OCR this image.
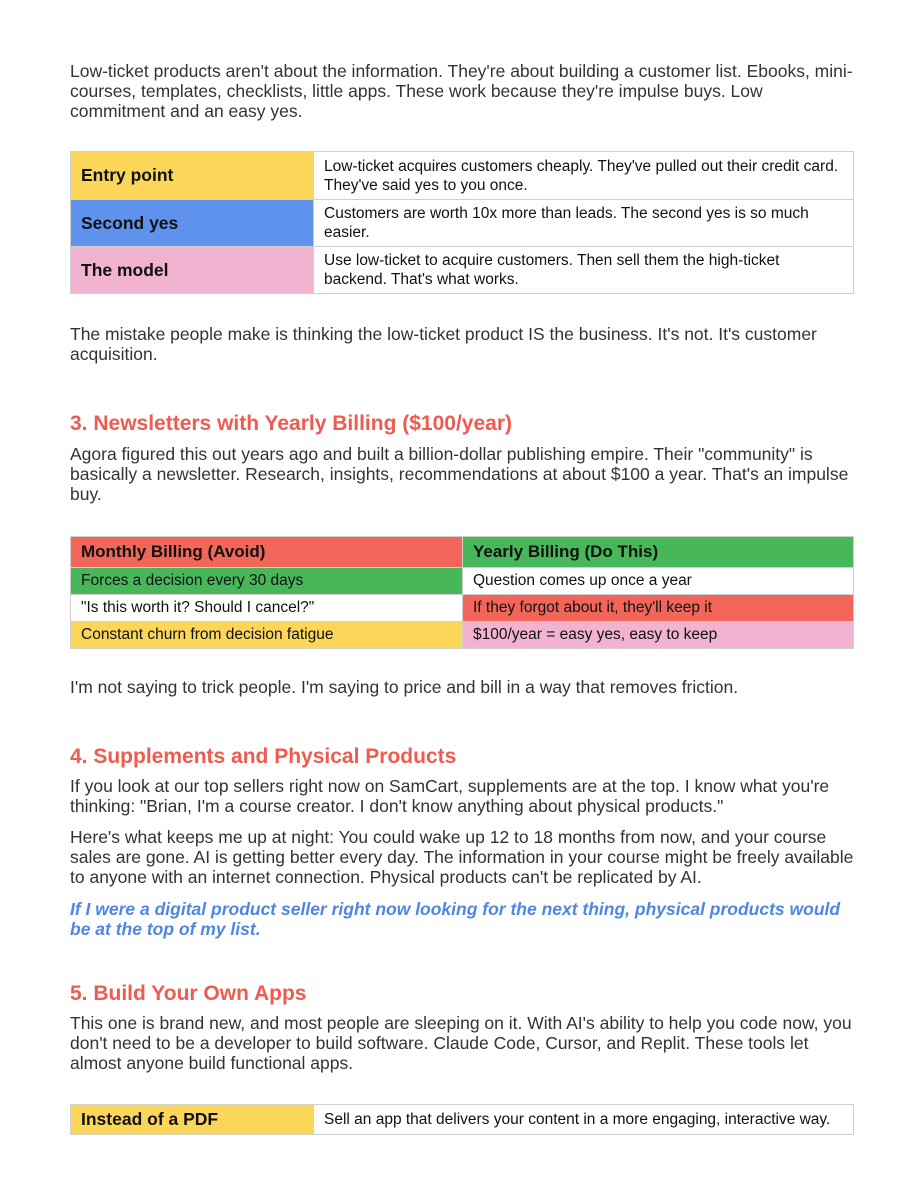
Low-ticket products aren't about the information. They're about building a customer list. Ebooks, mini-courses, templates, checklists, little apps. These work because they're impulse buys. Low commitment and an easy yes.

Entry point	Low-ticket acquires customers cheaply. They've pulled out their credit card. They've said yes to you once.
Second yes	Customers are worth 10x more than leads. The second yes is so much easier.
The model	Use low-ticket to acquire customers. Then sell them the high-ticket backend. That's what works.

The mistake people make is thinking the low-ticket product IS the business. It's not. It's customer acquisition.

3. Newsletters with Yearly Billing ($100/year)

Agora figured this out years ago and built a billion-dollar publishing empire. Their "community" is basically a newsletter. Research, insights, recommendations at about $100 a year. That's an impulse buy.

Monthly Billing (Avoid)	Yearly Billing (Do This)
Forces a decision every 30 days	Question comes up once a year
"Is this worth it? Should I cancel?"	If they forgot about it, they'll keep it
Constant churn from decision fatigue	$100/year = easy yes, easy to keep

I'm not saying to trick people. I'm saying to price and bill in a way that removes friction.

4. Supplements and Physical Products

If you look at our top sellers right now on SamCart, supplements are at the top. I know what you're thinking: "Brian, I'm a course creator. I don't know anything about physical products."

Here's what keeps me up at night: You could wake up 12 to 18 months from now, and your course sales are gone. AI is getting better every day. The information in your course might be freely available to anyone with an internet connection. Physical products can't be replicated by AI.

If I were a digital product seller right now looking for the next thing, physical products would be at the top of my list.

5. Build Your Own Apps

This one is brand new, and most people are sleeping on it. With AI's ability to help you code now, you don't need to be a developer to build software. Claude Code, Cursor, and Replit. These tools let almost anyone build functional apps.

Instead of a PDF	Sell an app that delivers your content in a more engaging, interactive way.
